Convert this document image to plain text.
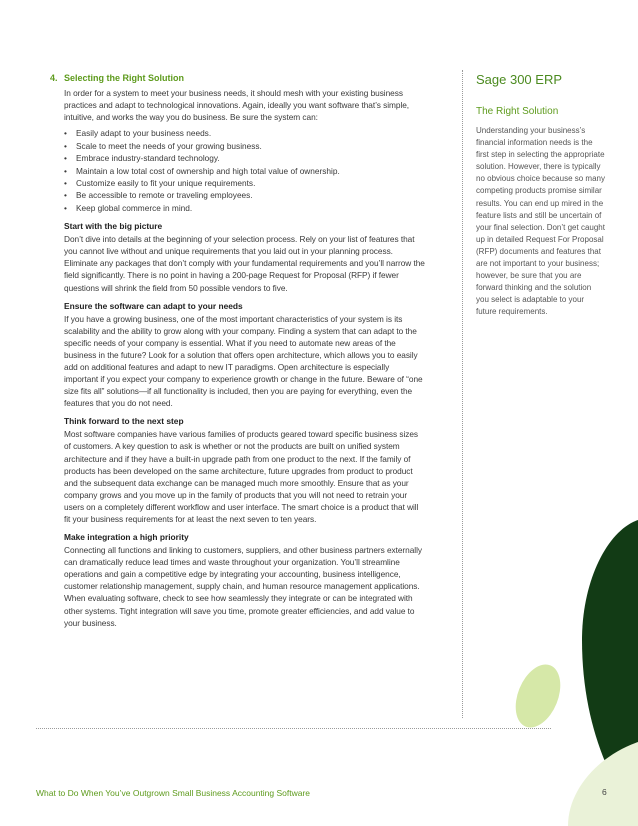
4. Selecting the Right Solution

In order for a system to meet your business needs, it should mesh with your existing business practices and adapt to technological innovations. Again, ideally you want software that’s simple, intuitive, and works the way you do business. Be sure the system can:

• Easily adapt to your business needs.
• Scale to meet the needs of your growing business.
• Embrace industry-standard technology.
• Maintain a low total cost of ownership and high total value of ownership.
• Customize easily to fit your unique requirements.
• Be accessible to remote or traveling employees.
• Keep global commerce in mind.
Start with the big picture

Don’t dive into details at the beginning of your selection process. Rely on your list of features that you cannot live without and unique requirements that you laid out in your planning process. Eliminate any packages that don’t comply with your fundamental requirements and you’ll narrow the field significantly. There is no point in having a 200-page Request for Proposal (RFP) if fewer questions will shrink the field from 50 possible vendors to five.

Ensure the software can adapt to your needs

If you have a growing business, one of the most important characteristics of your system is its scalability and the ability to grow along with your company. Finding a system that can adapt to the specific needs of your company is essential. What if you need to automate new areas of the business in the future? Look for a solution that offers open architecture, which allows you to easily add on additional features and adapt to new IT paradigms. Open architecture is especially important if you expect your company to experience growth or change in the future. Beware of “one size fits all” solutions—if all functionality is included, then you are paying for everything, even the features that you do not need.

Think forward to the next step

Most software companies have various families of products geared toward specific business sizes of customers. A key question to ask is whether or not the products are built on unified system architecture and if they have a built-in upgrade path from one product to the next. If the family of products has been developed on the same architecture, future upgrades from product to product and the subsequent data exchange can be managed much more smoothly. Ensure that as your company grows and you move up in the family of products that you will not need to retrain your users on a completely different workflow and user interface. The smart choice is a product that will fit your business requirements for at least the next seven to ten years.

Make integration a high priority

Connecting all functions and linking to customers, suppliers, and other business partners externally can dramatically reduce lead times and waste throughout your organization. You’ll streamline operations and gain a competitive edge by integrating your accounting, business intelligence, customer relationship management, supply chain, and human resource management applications. When evaluating software, check to see how seamlessly they integrate or can be integrated with other systems. Tight integration will save you time, promote greater efficiencies, and add value to your business.

Sage 300 ERP
The Right Solution

Understanding your business’s financial information needs is the first step in selecting the appropriate solution. However, there is typically no obvious choice because so many competing products promise similar results. You can end up mired in the feature lists and still be uncertain of your final selection. Don’t get caught up in detailed Request For Proposal (RFP) documents and features that are not important to your business; however, be sure that you are forward thinking and the solution you select is adaptable to your future requirements.

What to Do When You’ve Outgrown Small Business Accounting Software	6
